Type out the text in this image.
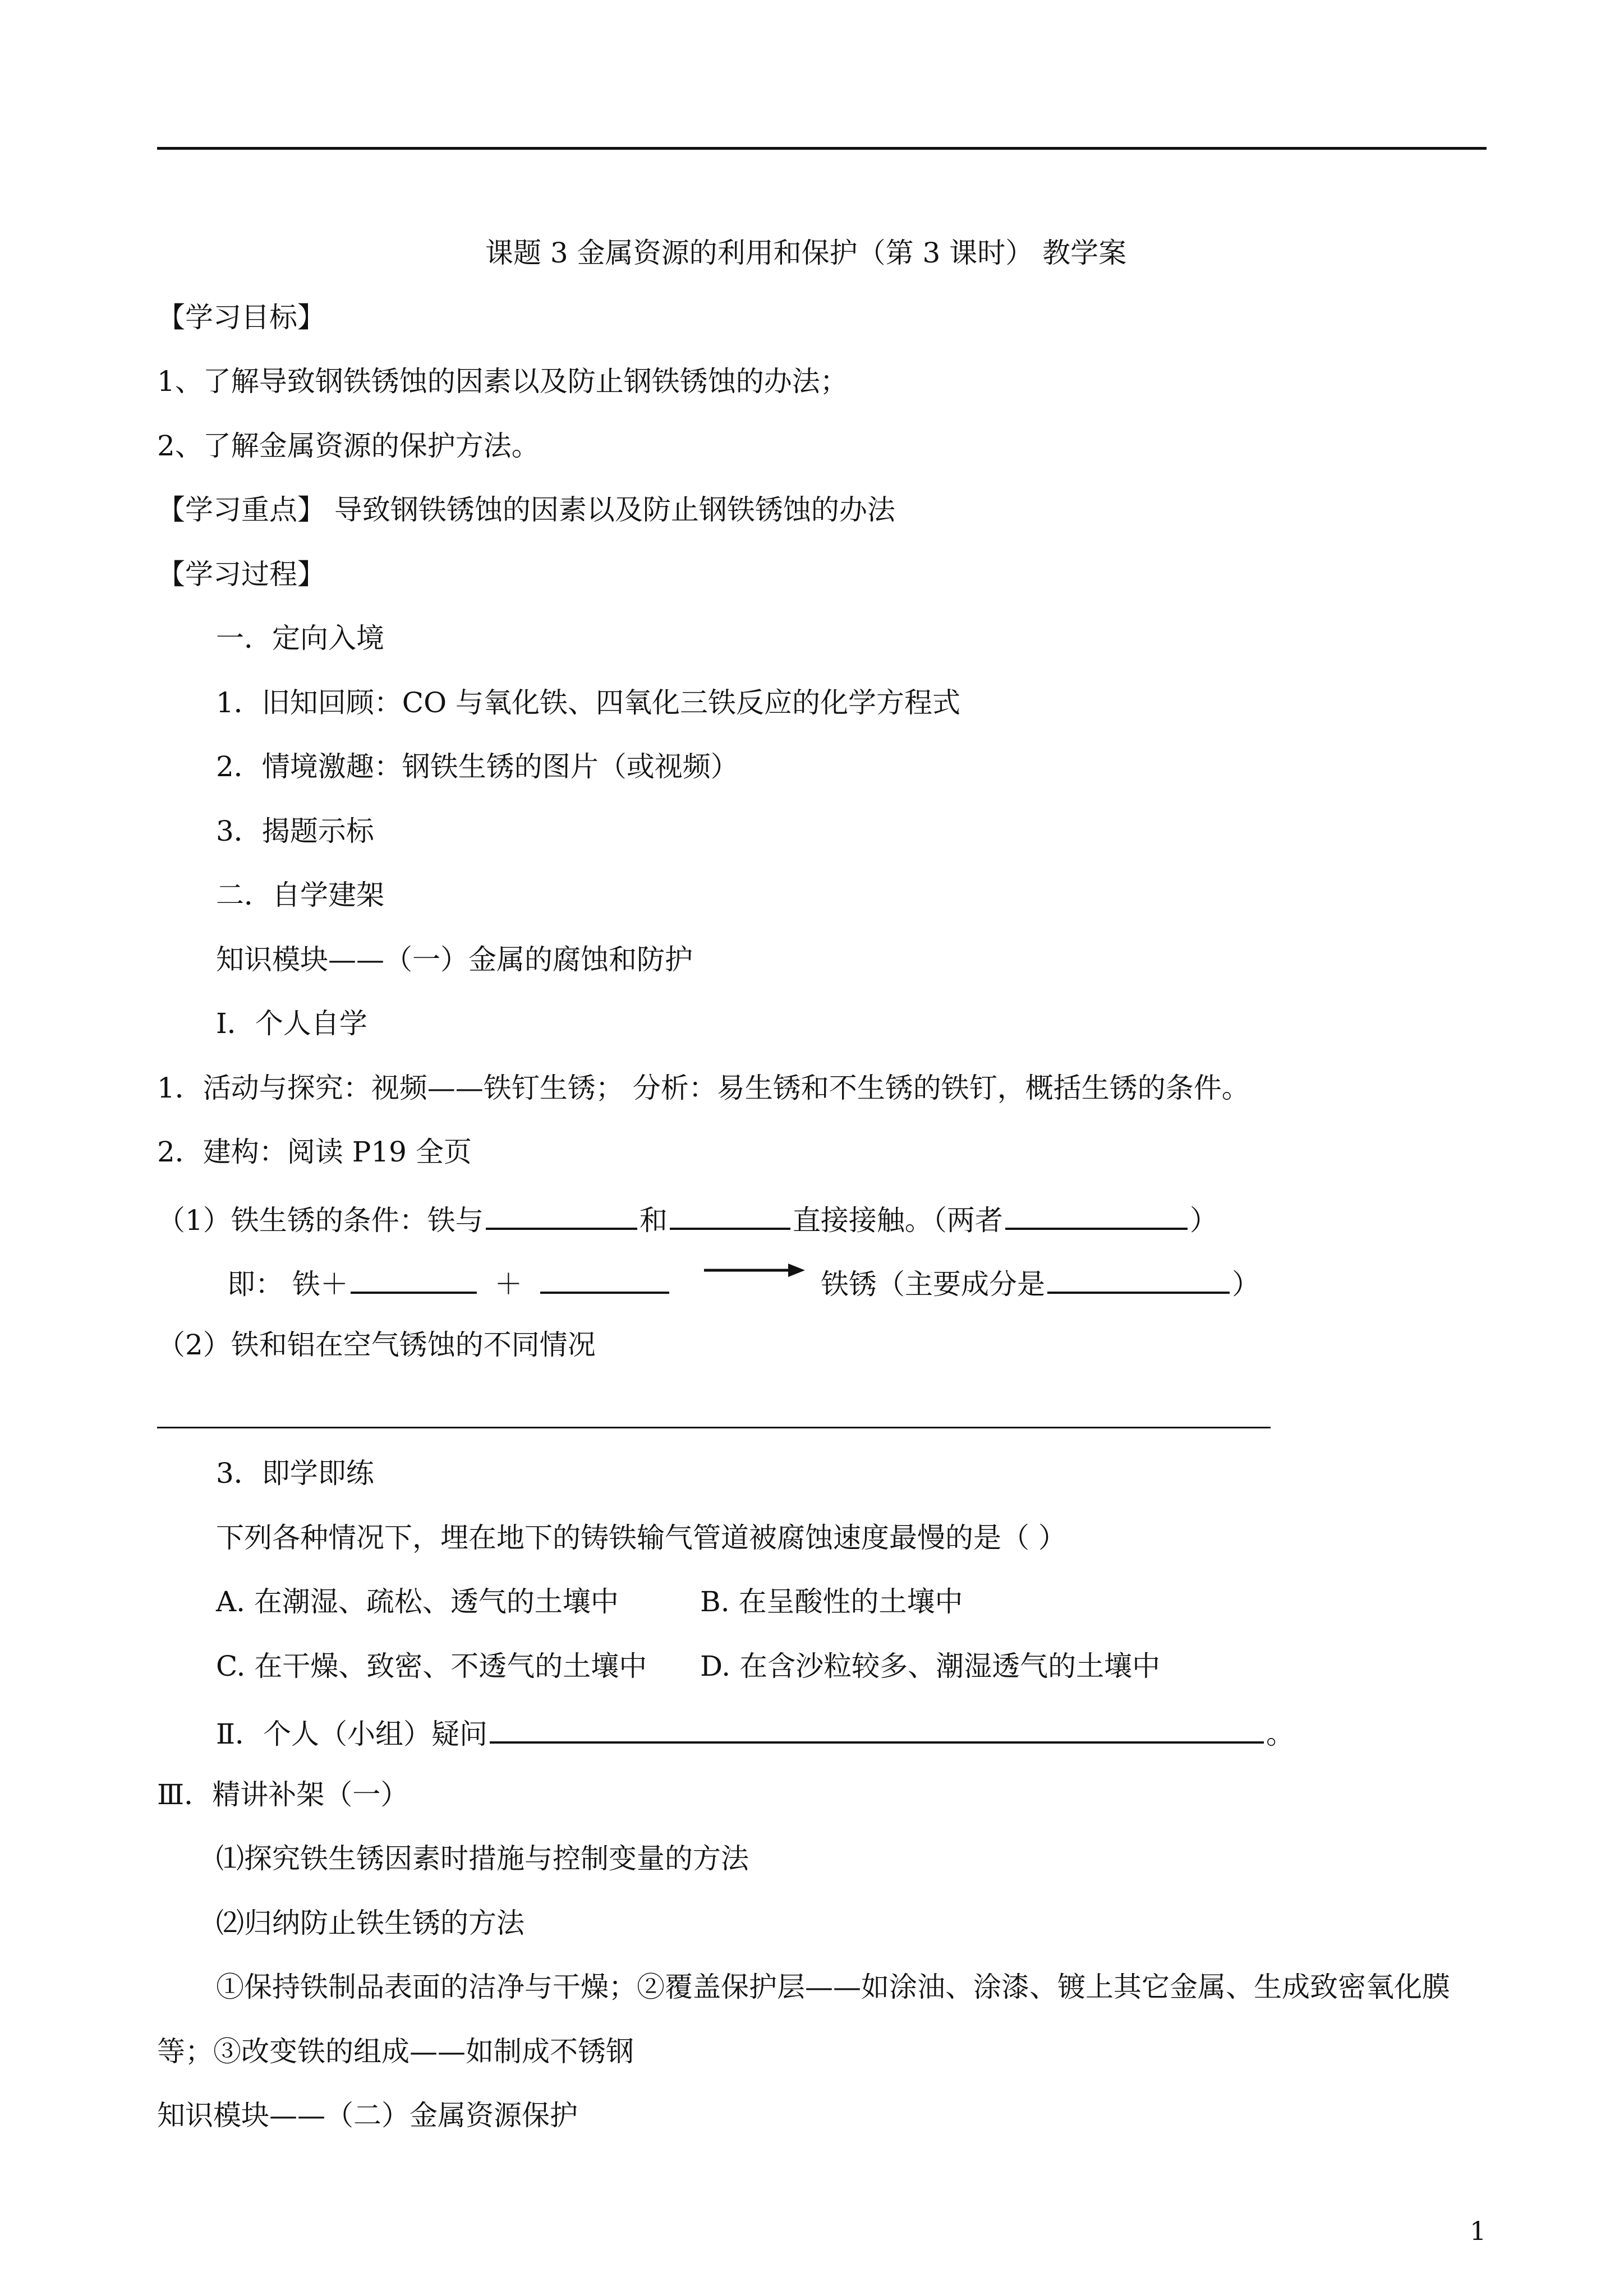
课题 3 金属资源的利用和保护（第 3 课时） 教学案
【学习目标】
1、了解导致钢铁锈蚀的因素以及防止钢铁锈蚀的办法；
2、了解金属资源的保护方法。
【学习重点】 导致钢铁锈蚀的因素以及防止钢铁锈蚀的办法
【学习过程】
一．定向入境
1．旧知回顾：CO 与氧化铁、四氧化三铁反应的化学方程式
2．情境激趣：钢铁生锈的图片（或视频）
3．揭题示标
二．自学建架
知识模块——（一）金属的腐蚀和防护
Ⅰ．个人自学
1．活动与探究：视频——铁钉生锈； 分析：易生锈和不生锈的铁钉，概括生锈的条件。
2．建构：阅读 P19 全页
（1）铁生锈的条件：铁与	和	直接接触。（两者	）
即： 铁＋	＋	铁锈（主要成分是	）
（2）铁和铝在空气锈蚀的不同情况
3．即学即练
下列各种情况下，埋在地下的铸铁输气管道被腐蚀速度最慢的是（ ）
A. 在潮湿、疏松、透气的土壤中	B. 在呈酸性的土壤中
C. 在干燥、致密、不透气的土壤中 D. 在含沙粒较多、潮湿透气的土壤中
Ⅱ．个人（小组）疑问	。
Ⅲ．精讲补架（一）
⑴探究铁生锈因素时措施与控制变量的方法
⑵归纳防止铁生锈的方法
①保持铁制品表面的洁净与干燥；②覆盖保护层——如涂油、涂漆、镀上其它金属、生成致密氧化膜
等；③改变铁的组成——如制成不锈钢
知识模块——（二）金属资源保护
1
